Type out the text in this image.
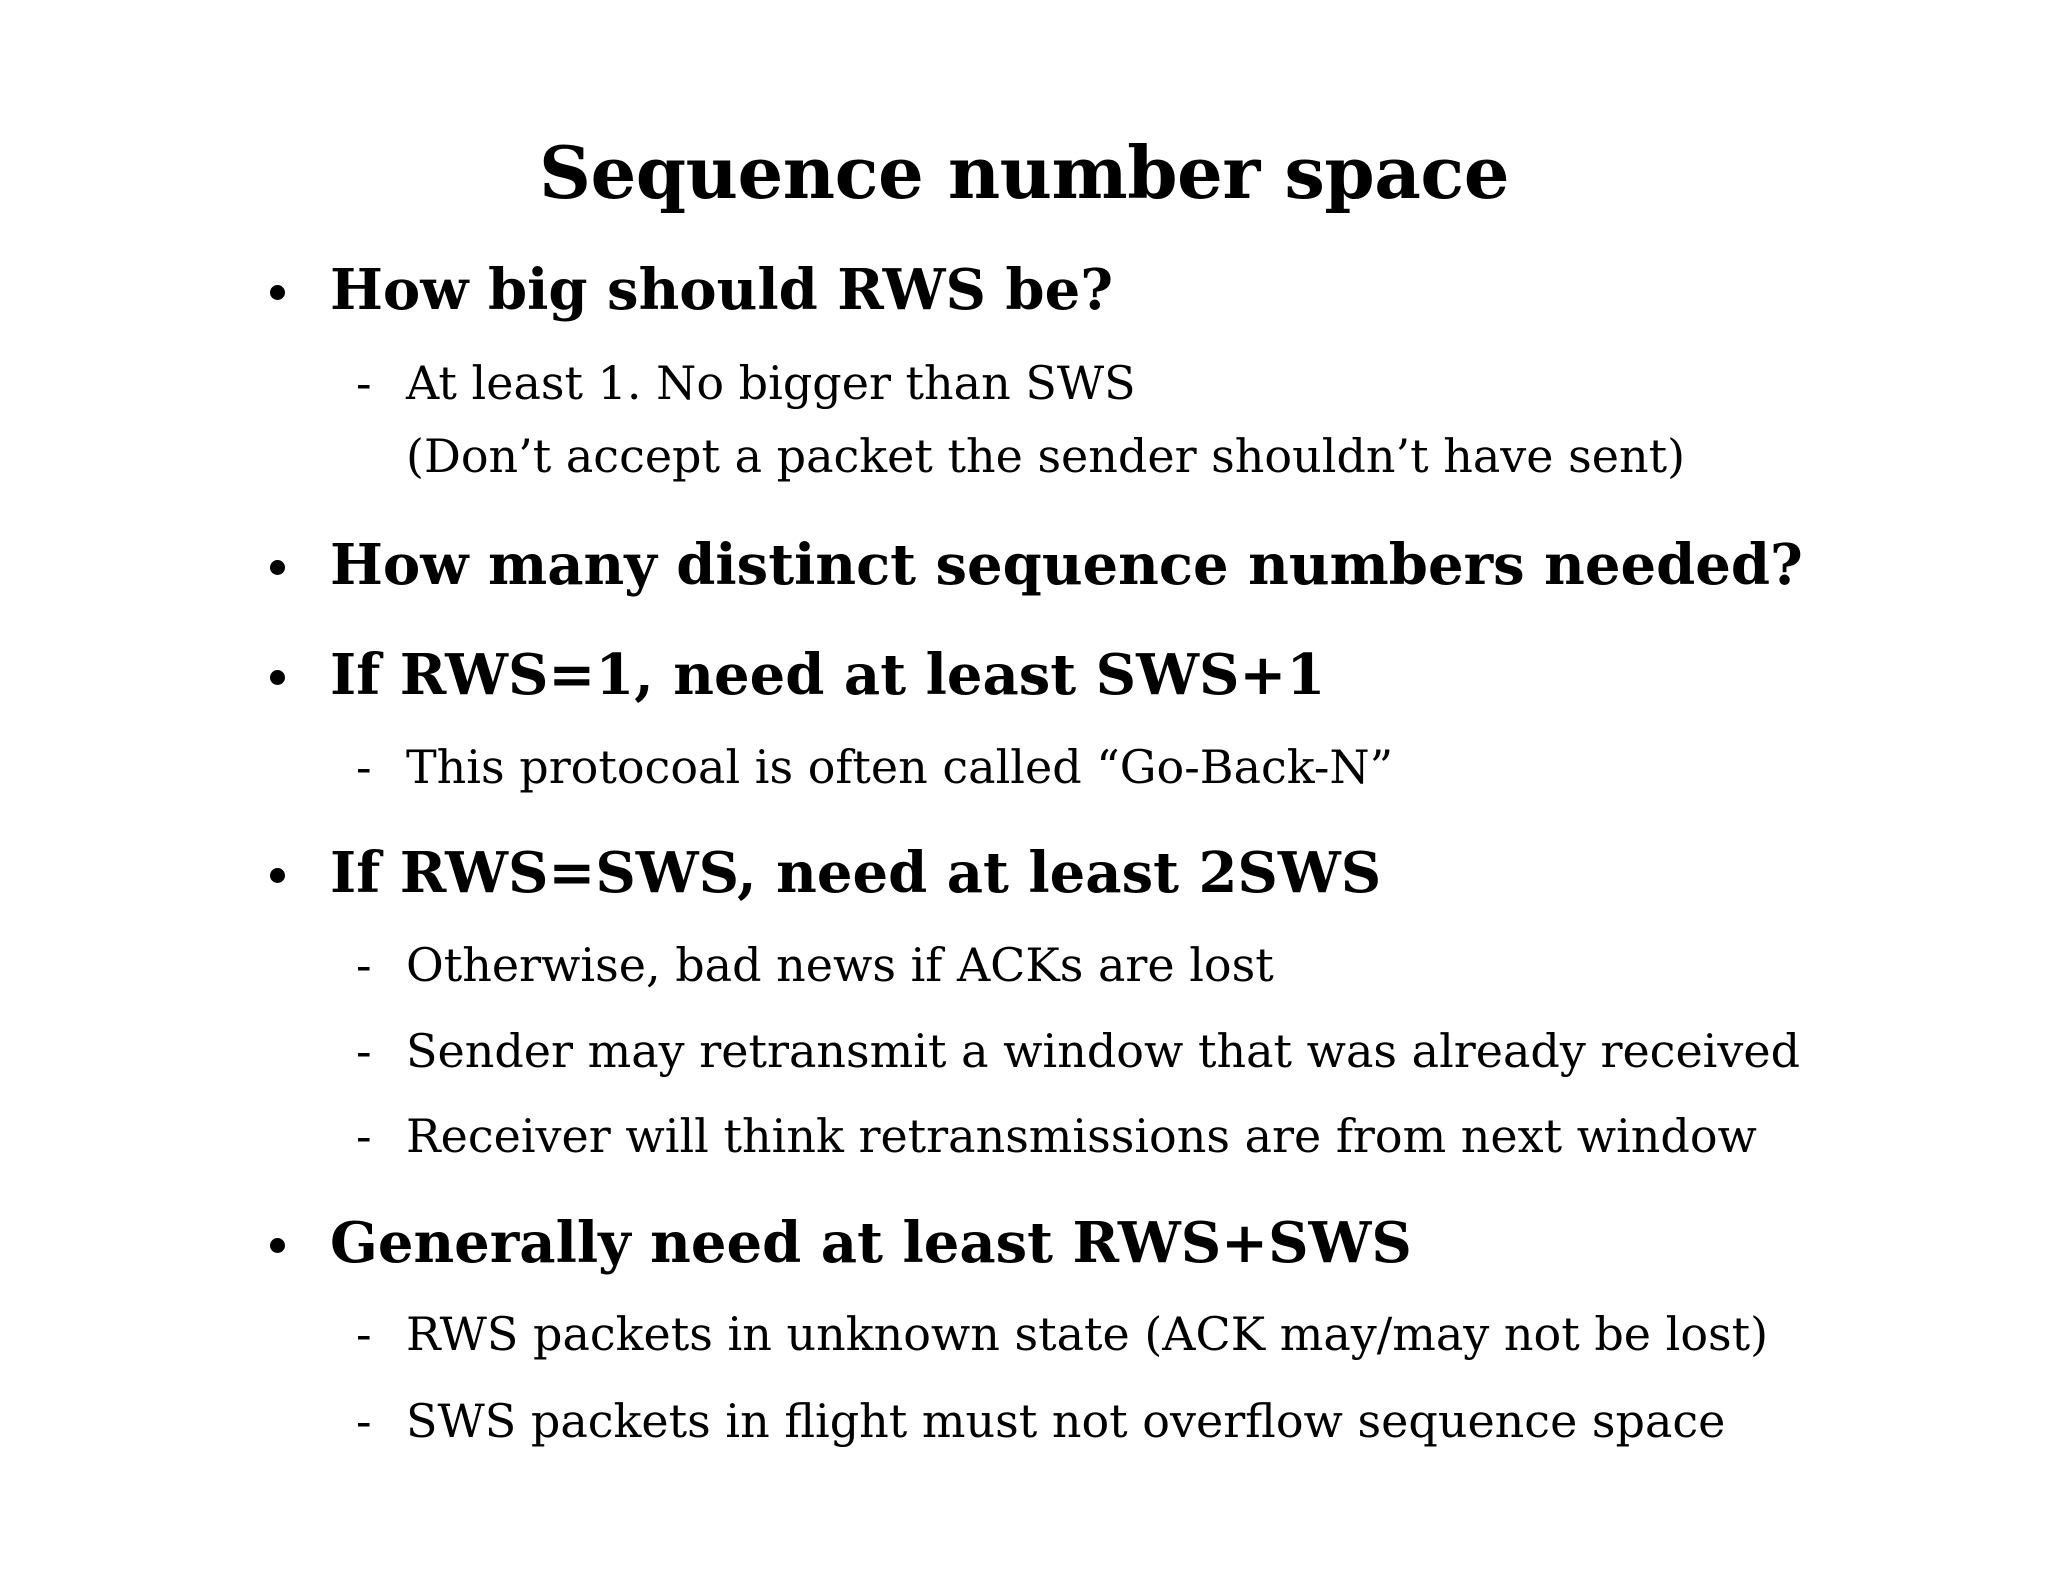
Sequence number space
How big should RWS be?
- At least 1. No bigger than SWS
(Don’t accept a packet the sender shouldn’t have sent)
How many distinct sequence numbers needed?
If RWS=1, need at least SWS+1
- This protocoal is often called “Go-Back-N”
If RWS=SWS, need at least 2SWS
- Otherwise, bad news if ACKs are lost
- Sender may retransmit a window that was already received
- Receiver will think retransmissions are from next window
Generally need at least RWS+SWS
- RWS packets in unknown state (ACK may/may not be lost)
- SWS packets in flight must not overflow sequence space
